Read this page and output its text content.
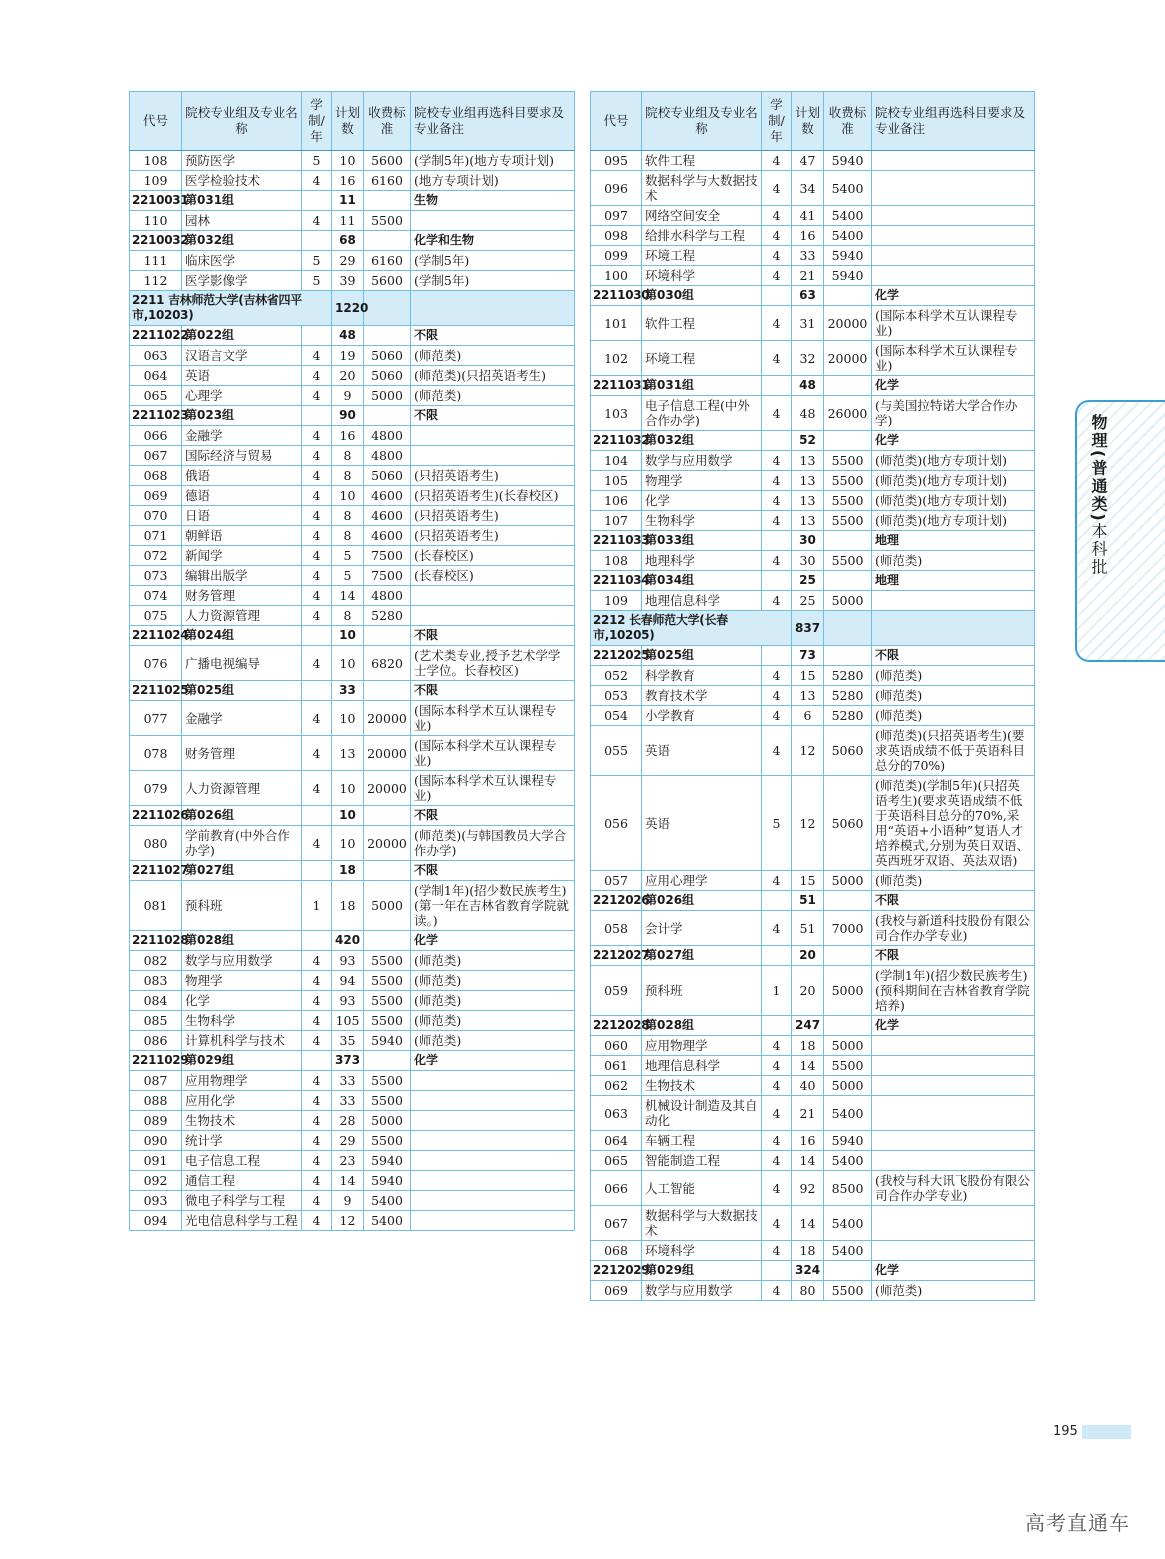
代号	院校专业组及专业名称	学制/年	计划数	收费标准	院校专业组再选科目要求及专业备注
108	预防医学	5	10	5600	(学制5年)(地方专项计划)
109	医学检验技术	4	16	6160	(地方专项计划)
2210031	第031组		11		生物
110	园林	4	11	5500	
2210032	第032组		68		化学和生物
111	临床医学	5	29	6160	(学制5年)
112	医学影像学	5	39	5600	(学制5年)
2211 吉林师范大学(吉林省四平市,10203)			1220		
2211022	第022组		48		不限
063	汉语言文学	4	19	5060	(师范类)
064	英语	4	20	5060	(师范类)(只招英语考生)
065	心理学	4	9	5000	(师范类)
2211023	第023组		90		不限
066	金融学	4	16	4800	
067	国际经济与贸易	4	8	4800	
068	俄语	4	8	5060	(只招英语考生)
069	德语	4	10	4600	(只招英语考生)(长春校区)
070	日语	4	8	4600	(只招英语考生)
071	朝鲜语	4	8	4600	(只招英语考生)
072	新闻学	4	5	7500	(长春校区)
073	编辑出版学	4	5	7500	(长春校区)
074	财务管理	4	14	4800	
075	人力资源管理	4	8	5280	
2211024	第024组		10		不限
076	广播电视编导	4	10	6820	(艺术类专业,授予艺术学学士学位。长春校区)
2211025	第025组		33		不限
077	金融学	4	10	20000	(国际本科学术互认课程专业)
078	财务管理	4	13	20000	(国际本科学术互认课程专业)
079	人力资源管理	4	10	20000	(国际本科学术互认课程专业)
2211026	第026组		10		不限
080	学前教育(中外合作办学)	4	10	20000	(师范类)(与韩国教员大学合作办学)
2211027	第027组		18		不限
081	预科班	1	18	5000	(学制1年)(招少数民族考生)(第一年在吉林省教育学院就读。)
2211028	第028组		420		化学
082	数学与应用数学	4	93	5500	(师范类)
083	物理学	4	94	5500	(师范类)
084	化学	4	93	5500	(师范类)
085	生物科学	4	105	5500	(师范类)
086	计算机科学与技术	4	35	5940	(师范类)
2211029	第029组		373		化学
087	应用物理学	4	33	5500	
088	应用化学	4	33	5500	
089	生物技术	4	28	5000	
090	统计学	4	29	5500	
091	电子信息工程	4	23	5940	
092	通信工程	4	14	5940	
093	微电子科学与工程	4	9	5400	
094	光电信息科学与工程	4	12	5400	
代号	院校专业组及专业名称	学制/年	计划数	收费标准	院校专业组再选科目要求及专业备注
095	软件工程	4	47	5940	
096	数据科学与大数据技术	4	34	5400	
097	网络空间安全	4	41	5400	
098	给排水科学与工程	4	16	5400	
099	环境工程	4	33	5940	
100	环境科学	4	21	5940	
2211030	第030组		63		化学
101	软件工程	4	31	20000	(国际本科学术互认课程专业)
102	环境工程	4	32	20000	(国际本科学术互认课程专业)
2211031	第031组		48		化学
103	电子信息工程(中外合作办学)	4	48	26000	(与美国拉特诺大学合作办学)
2211032	第032组		52		化学
104	数学与应用数学	4	13	5500	(师范类)(地方专项计划)
105	物理学	4	13	5500	(师范类)(地方专项计划)
106	化学	4	13	5500	(师范类)(地方专项计划)
107	生物科学	4	13	5500	(师范类)(地方专项计划)
2211033	第033组		30		地理
108	地理科学	4	30	5500	(师范类)
2211034	第034组		25		地理
109	地理信息科学	4	25	5000	
2212 长春师范大学(长春市,10205)			837		
2212025	第025组		73		不限
052	科学教育	4	15	5280	(师范类)
053	教育技术学	4	13	5280	(师范类)
054	小学教育	4	6	5280	(师范类)
055	英语	4	12	5060	(师范类)(只招英语考生)(要求英语成绩不低于英语科目总分的70%)
056	英语	5	12	5060	(师范类)(学制5年)(只招英语考生)(要求英语成绩不低于英语科目总分的70%,采用“英语+小语种”复语人才培养模式,分别为英日双语、英西班牙双语、英法双语)
057	应用心理学	4	15	5000	(师范类)
2212026	第026组		51		不限
058	会计学	4	51	7000	(我校与新道科技股份有限公司合作办学专业)
2212027	第027组		20		不限
059	预科班	1	20	5000	(学制1年)(招少数民族考生)(预科期间在吉林省教育学院培养)
2212028	第028组		247		化学
060	应用物理学	4	18	5000	
061	地理信息科学	4	14	5500	
062	生物技术	4	40	5000	
063	机械设计制造及其自动化	4	21	5400	
064	车辆工程	4	16	5940	
065	智能制造工程	4	14	5400	
066	人工智能	4	92	8500	(我校与科大讯飞股份有限公司合作办学专业)
067	数据科学与大数据技术	4	14	5400	
068	环境科学	4	18	5400	
2212029	第029组		324		化学
069	数学与应用数学	4	80	5500	(师范类)
物理(普通类)本科批
195
高考直通车
